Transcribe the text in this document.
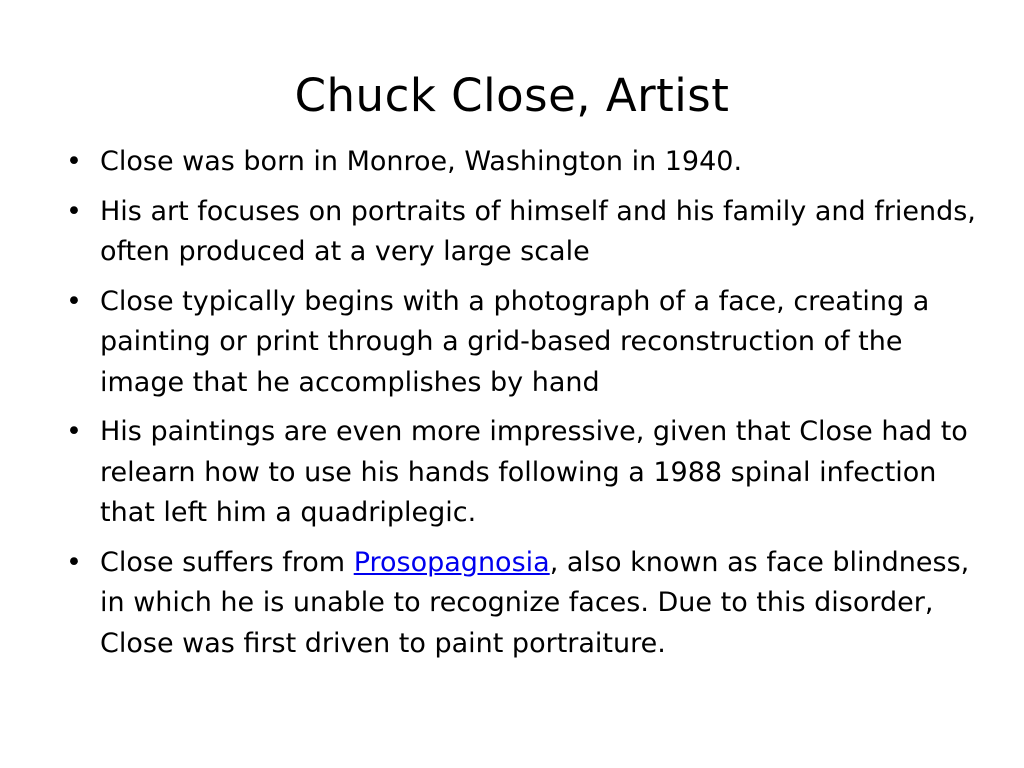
Chuck Close, Artist
• Close was born in Monroe, Washington in 1940.
• His art focuses on portraits of himself and his family and friends, often produced at a very large scale
• Close typically begins with a photograph of a face, creating a painting or print through a grid-based reconstruction of the image that he accomplishes by hand
• His paintings are even more impressive, given that Close had to relearn how to use his hands following a 1988 spinal infection that left him a quadriplegic.
• Close suffers from Prosopagnosia, also known as face blindness, in which he is unable to recognize faces. Due to this disorder, Close was first driven to paint portraiture.
